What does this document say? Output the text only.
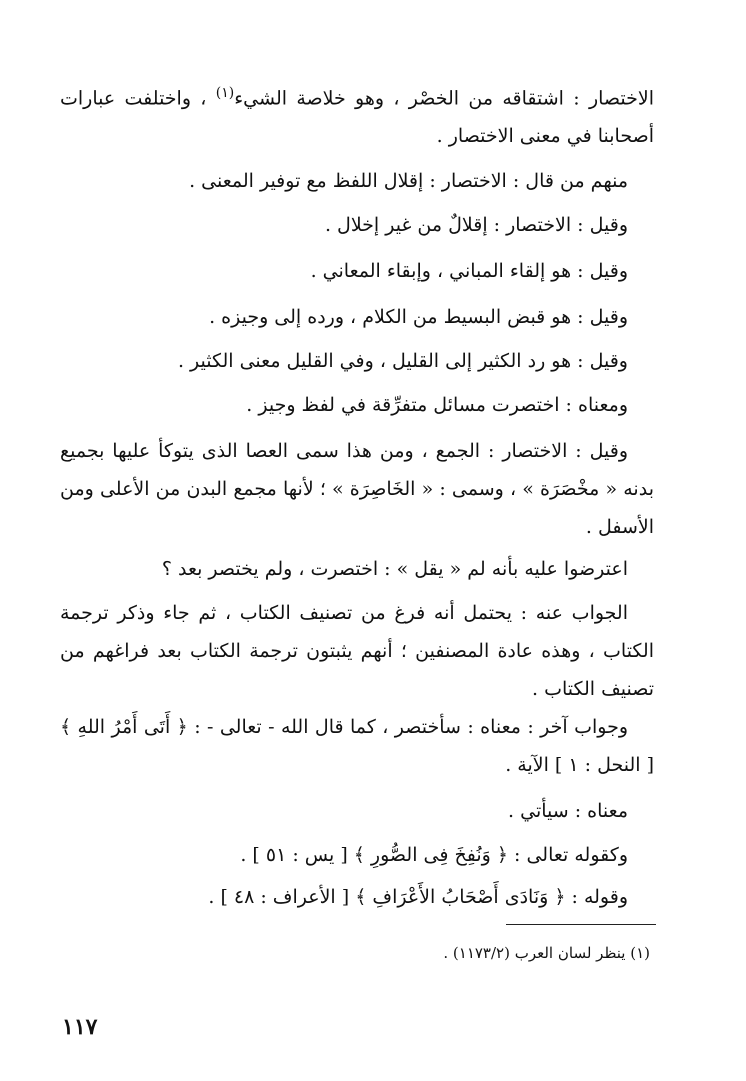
الاختصار : اشتقاقه من الخصْر ، وهو خلاصة الشيء$^{(١)}$ ، واختلفت عبارات أصحابنا في معنى الاختصار .
منهم من قال : الاختصار : إقلال اللفظ مع توفير المعنى .
وقيل : الاختصار : إقلالٌ من غير إخلال .
وقيل : هو إلقاء المباني ، وإبقاء المعاني .
وقيل : هو قبض البسيط من الكلام ، ورده إلى وجيزه .
وقيل : هو رد الكثير إلى القليل ، وفي القليل معنى الكثير .
ومعناه : اختصرت مسائل متفرِّقة في لفظ وجيز .
وقيل : الاختصار : الجمع ، ومن هذا سمى العصا الذى يتوكأ عليها بجميع بدنه « مخْصَرَة » ، وسمى : « الخَاصِرَة » ؛ لأنها مجمع البدن من الأعلى ومن الأسفل .
اعترضوا عليه بأنه لم « يقل » : اختصرت ، ولم يختصر بعد ؟
الجواب عنه : يحتمل أنه فرغ من تصنيف الكتاب ، ثم جاء وذكر ترجمة الكتاب ، وهذه عادة المصنفين ؛ أنهم يثبتون ترجمة الكتاب بعد فراغهم من تصنيف الكتاب .
وجواب آخر : معناه : سأختصر ، كما قال الله - تعالى - : ﴿ أَتَى أَمْرُ اللهِ ﴾ [ النحل : ١ ] الآية .
معناه : سيأتي .
وكقوله تعالى : ﴿ وَنُفِخَ فِى الصُّورِ ﴾ [ يس : ٥١ ] .
وقوله : ﴿ وَنَادَى أَصْحَابُ الأَعْرَافِ ﴾ [ الأعراف : ٤٨ ] .
(١) ينظر لسان العرب (١١٧٣/٢) .
١١٧
